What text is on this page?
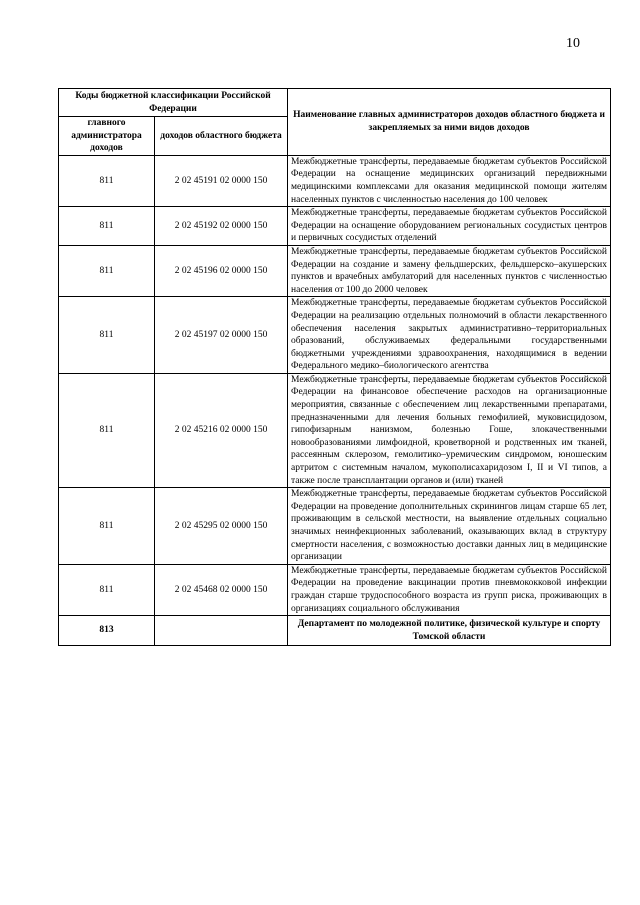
10
Коды бюджетной классификации Российской Федерации		Наименование главных администраторов доходов областного бюджета и закрепляемых за ними видов доходов
главного администратора доходов	доходов областного бюджета	
811	2 02 45191 02 0000 150	Межбюджетные трансферты, передаваемые бюджетам субъектов Российской Федерации на оснащение медицинских организаций передвижными медицинскими комплексами для оказания медицинской помощи жителям населенных пунктов с численностью населения до 100 человек
811	2 02 45192 02 0000 150	Межбюджетные трансферты, передаваемые бюджетам субъектов Российской Федерации на оснащение оборудованием региональных сосудистых центров и первичных сосудистых отделений
811	2 02 45196 02 0000 150	Межбюджетные трансферты, передаваемые бюджетам субъектов Российской Федерации на создание и замену фельдшерских, фельдшерско–акушерских пунктов и врачебных амбулаторий для населенных пунктов с численностью населения от 100 до 2000 человек
811	2 02 45197 02 0000 150	Межбюджетные трансферты, передаваемые бюджетам субъектов Российской Федерации на реализацию отдельных полномочий в области лекарственного обеспечения населения закрытых административно–территориальных образований, обслуживаемых федеральными государственными бюджетными учреждениями здравоохранения, находящимися в ведении Федерального медико–биологического агентства
811	2 02 45216 02 0000 150	Межбюджетные трансферты, передаваемые бюджетам субъектов Российской Федерации на финансовое обеспечение расходов на организационные мероприятия, связанные с обеспечением лиц лекарственными препаратами, предназначенными для лечения больных гемофилией, муковисцидозом, гипофизарным нанизмом, болезнью Гоше, злокачественными новообразованиями лимфоидной, кроветворной и родственных им тканей, рассеянным склерозом, гемолитико–уремическим синдромом, юношеским артритом с системным началом, мукополисахаридозом I, II и VI типов, а также после трансплантации органов и (или) тканей
811	2 02 45295 02 0000 150	Межбюджетные трансферты, передаваемые бюджетам субъектов Российской Федерации на проведение дополнительных скринингов лицам старше 65 лет, проживающим в сельской местности, на выявление отдельных социально значимых неинфекционных заболеваний, оказывающих вклад в структуру смертности населения, с возможностью доставки данных лиц в медицинские организации
811	2 02 45468 02 0000 150	Межбюджетные трансферты, передаваемые бюджетам субъектов Российской Федерации на проведение вакцинации против пневмококковой инфекции граждан старше трудоспособного возраста из групп риска, проживающих в организациях социального обслуживания
813		Департамент по молодежной политике, физической культуре и спорту Томской области
